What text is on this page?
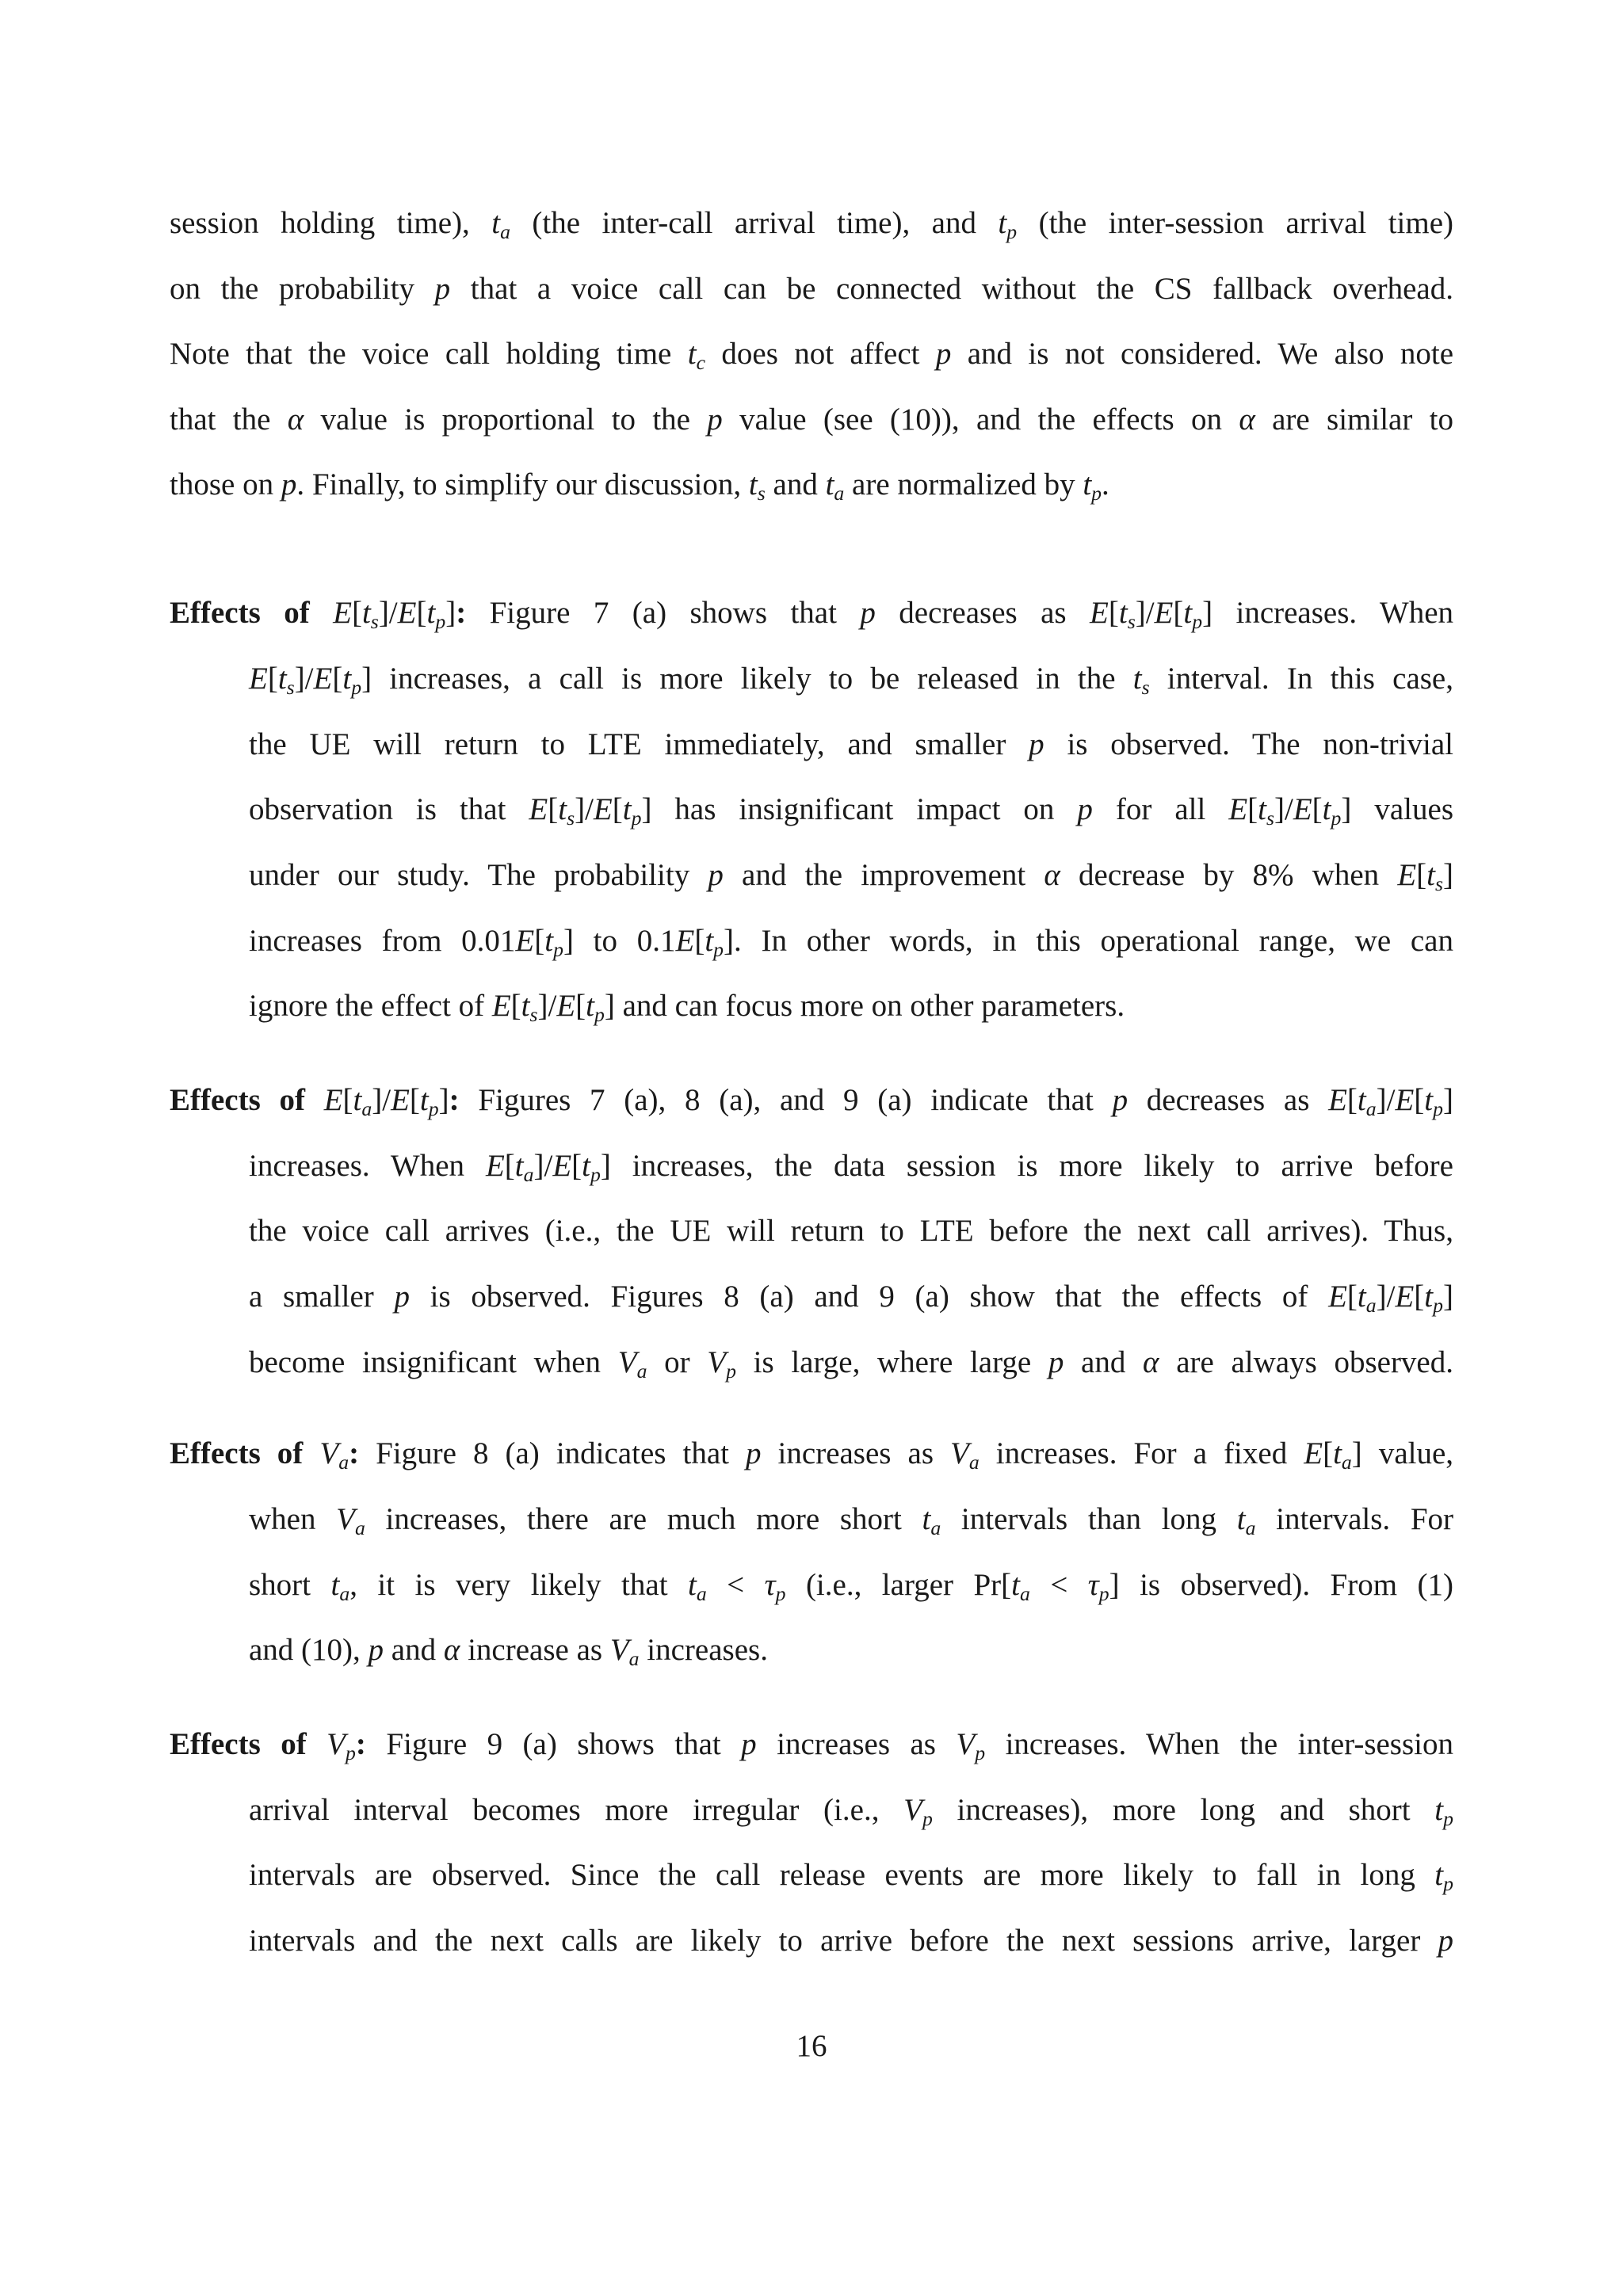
session holding time), $t_a$ (the inter-call arrival time), and $t_p$ (the inter-session arrival time)
on the probability p that a voice call can be connected without the CS fallback overhead.
Note that the voice call holding time $t_c$ does not affect p and is not considered. We also note
that the α value is proportional to the p value (see (10)), and the effects on α are similar to
those on p. Finally, to simplify our discussion, $t_s$ and $t_a$ are normalized by $t_p$.
Effects of $E[t_s]/E[t_p]$: Figure 7 (a) shows that p decreases as $E[t_s]/E[t_p]$ increases. When
$E[t_s]/E[t_p]$ increases, a call is more likely to be released in the $t_s$ interval. In this case,
the UE will return to LTE immediately, and smaller p is observed. The non-trivial
observation is that $E[t_s]/E[t_p]$ has insignificant impact on p for all $E[t_s]/E[t_p]$ values
under our study. The probability p and the improvement α decrease by 8% when $E[t_s]$
increases from $0.01E[t_p]$ to $0.1E[t_p]$. In other words, in this operational range, we can
ignore the effect of $E[t_s]/E[t_p]$ and can focus more on other parameters.
Effects of $E[t_a]/E[t_p]$: Figures 7 (a), 8 (a), and 9 (a) indicate that p decreases as $E[t_a]/E[t_p]$
increases. When $E[t_a]/E[t_p]$ increases, the data session is more likely to arrive before
the voice call arrives (i.e., the UE will return to LTE before the next call arrives). Thus,
a smaller p is observed. Figures 8 (a) and 9 (a) show that the effects of $E[t_a]/E[t_p]$
become insignificant when $V_a$ or $V_p$ is large, where large p and α are always observed.
Effects of $V_a$: Figure 8 (a) indicates that p increases as $V_a$ increases. For a fixed $E[t_a]$ value,
when $V_a$ increases, there are much more short $t_a$ intervals than long $t_a$ intervals. For
short $t_a$, it is very likely that $t_a < \tau_p$ (i.e., larger $Pr[t_a < \tau_p]$ is observed). From (1)
and (10), p and α increase as $V_a$ increases.
Effects of $V_p$: Figure 9 (a) shows that p increases as $V_p$ increases. When the inter-session
arrival interval becomes more irregular (i.e., $V_p$ increases), more long and short $t_p$
intervals are observed. Since the call release events are more likely to fall in long $t_p$
intervals and the next calls are likely to arrive before the next sessions arrive, larger p
16
